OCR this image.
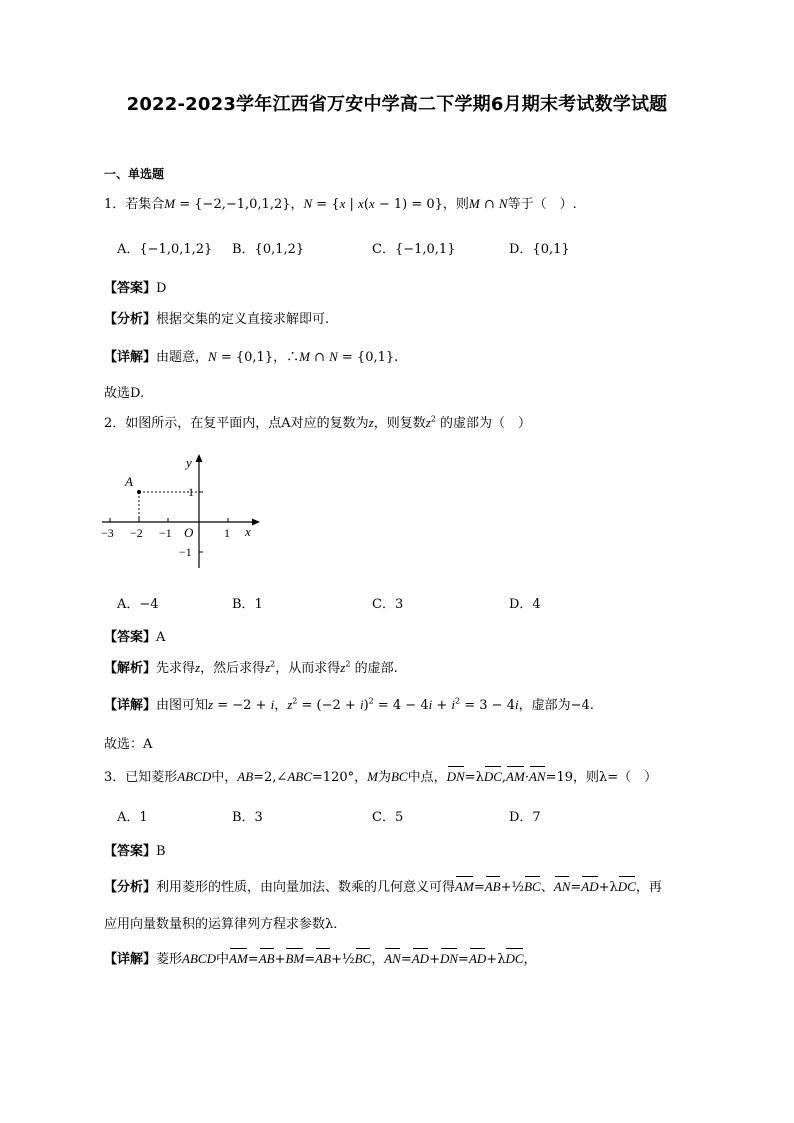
2022-2023学年江西省万安中学高二下学期6月期末考试数学试题
一、单选题
1．若集合M = {−2,−1,0,1,2}，N = {x | x(x − 1) = 0}，则M ∩ N等于（　）.
A．{−1,0,1,2} B．{0,1,2}	C．{−1,0,1}	D．{0,1}
【答案】D
【分析】根据交集的定义直接求解即可.
【详解】由题意，N = {0,1}，∴M ∩ N = {0,1}.
故选D.
2．如图所示，在复平面内，点A对应的复数为z，则复数$z^2$ 的虚部为（　）
A
y
x
O
−3 −2 −1	1
1
−1
A．−4	B．1	C．3	D．4
【答案】A
【解析】先求得z，然后求得$z^2$，从而求得$z^2$ 的虚部.
【详解】由图可知z = −2 + i，$z^2 = (-2 + i)^2 = 4 - 4i + i^2 = 3 - 4i$，虚部为−4.
故选：A
3．已知菱形ABCD中，AB=2,∠ABC=120°，M为BC中点，DN=λDC,AM·AN=19，则λ=（　）
A．1	B．3	C．5	D．7
【答案】B
【分析】利用菱形的性质，由向量加法、数乘的几何意义可得AM=AB+½BC、AN=AD+λDC，再
应用向量数量积的运算律列方程求参数λ.
【详解】菱形ABCD中AM=AB+BM=AB+½BC，AN=AD+DN=AD+λDC，
